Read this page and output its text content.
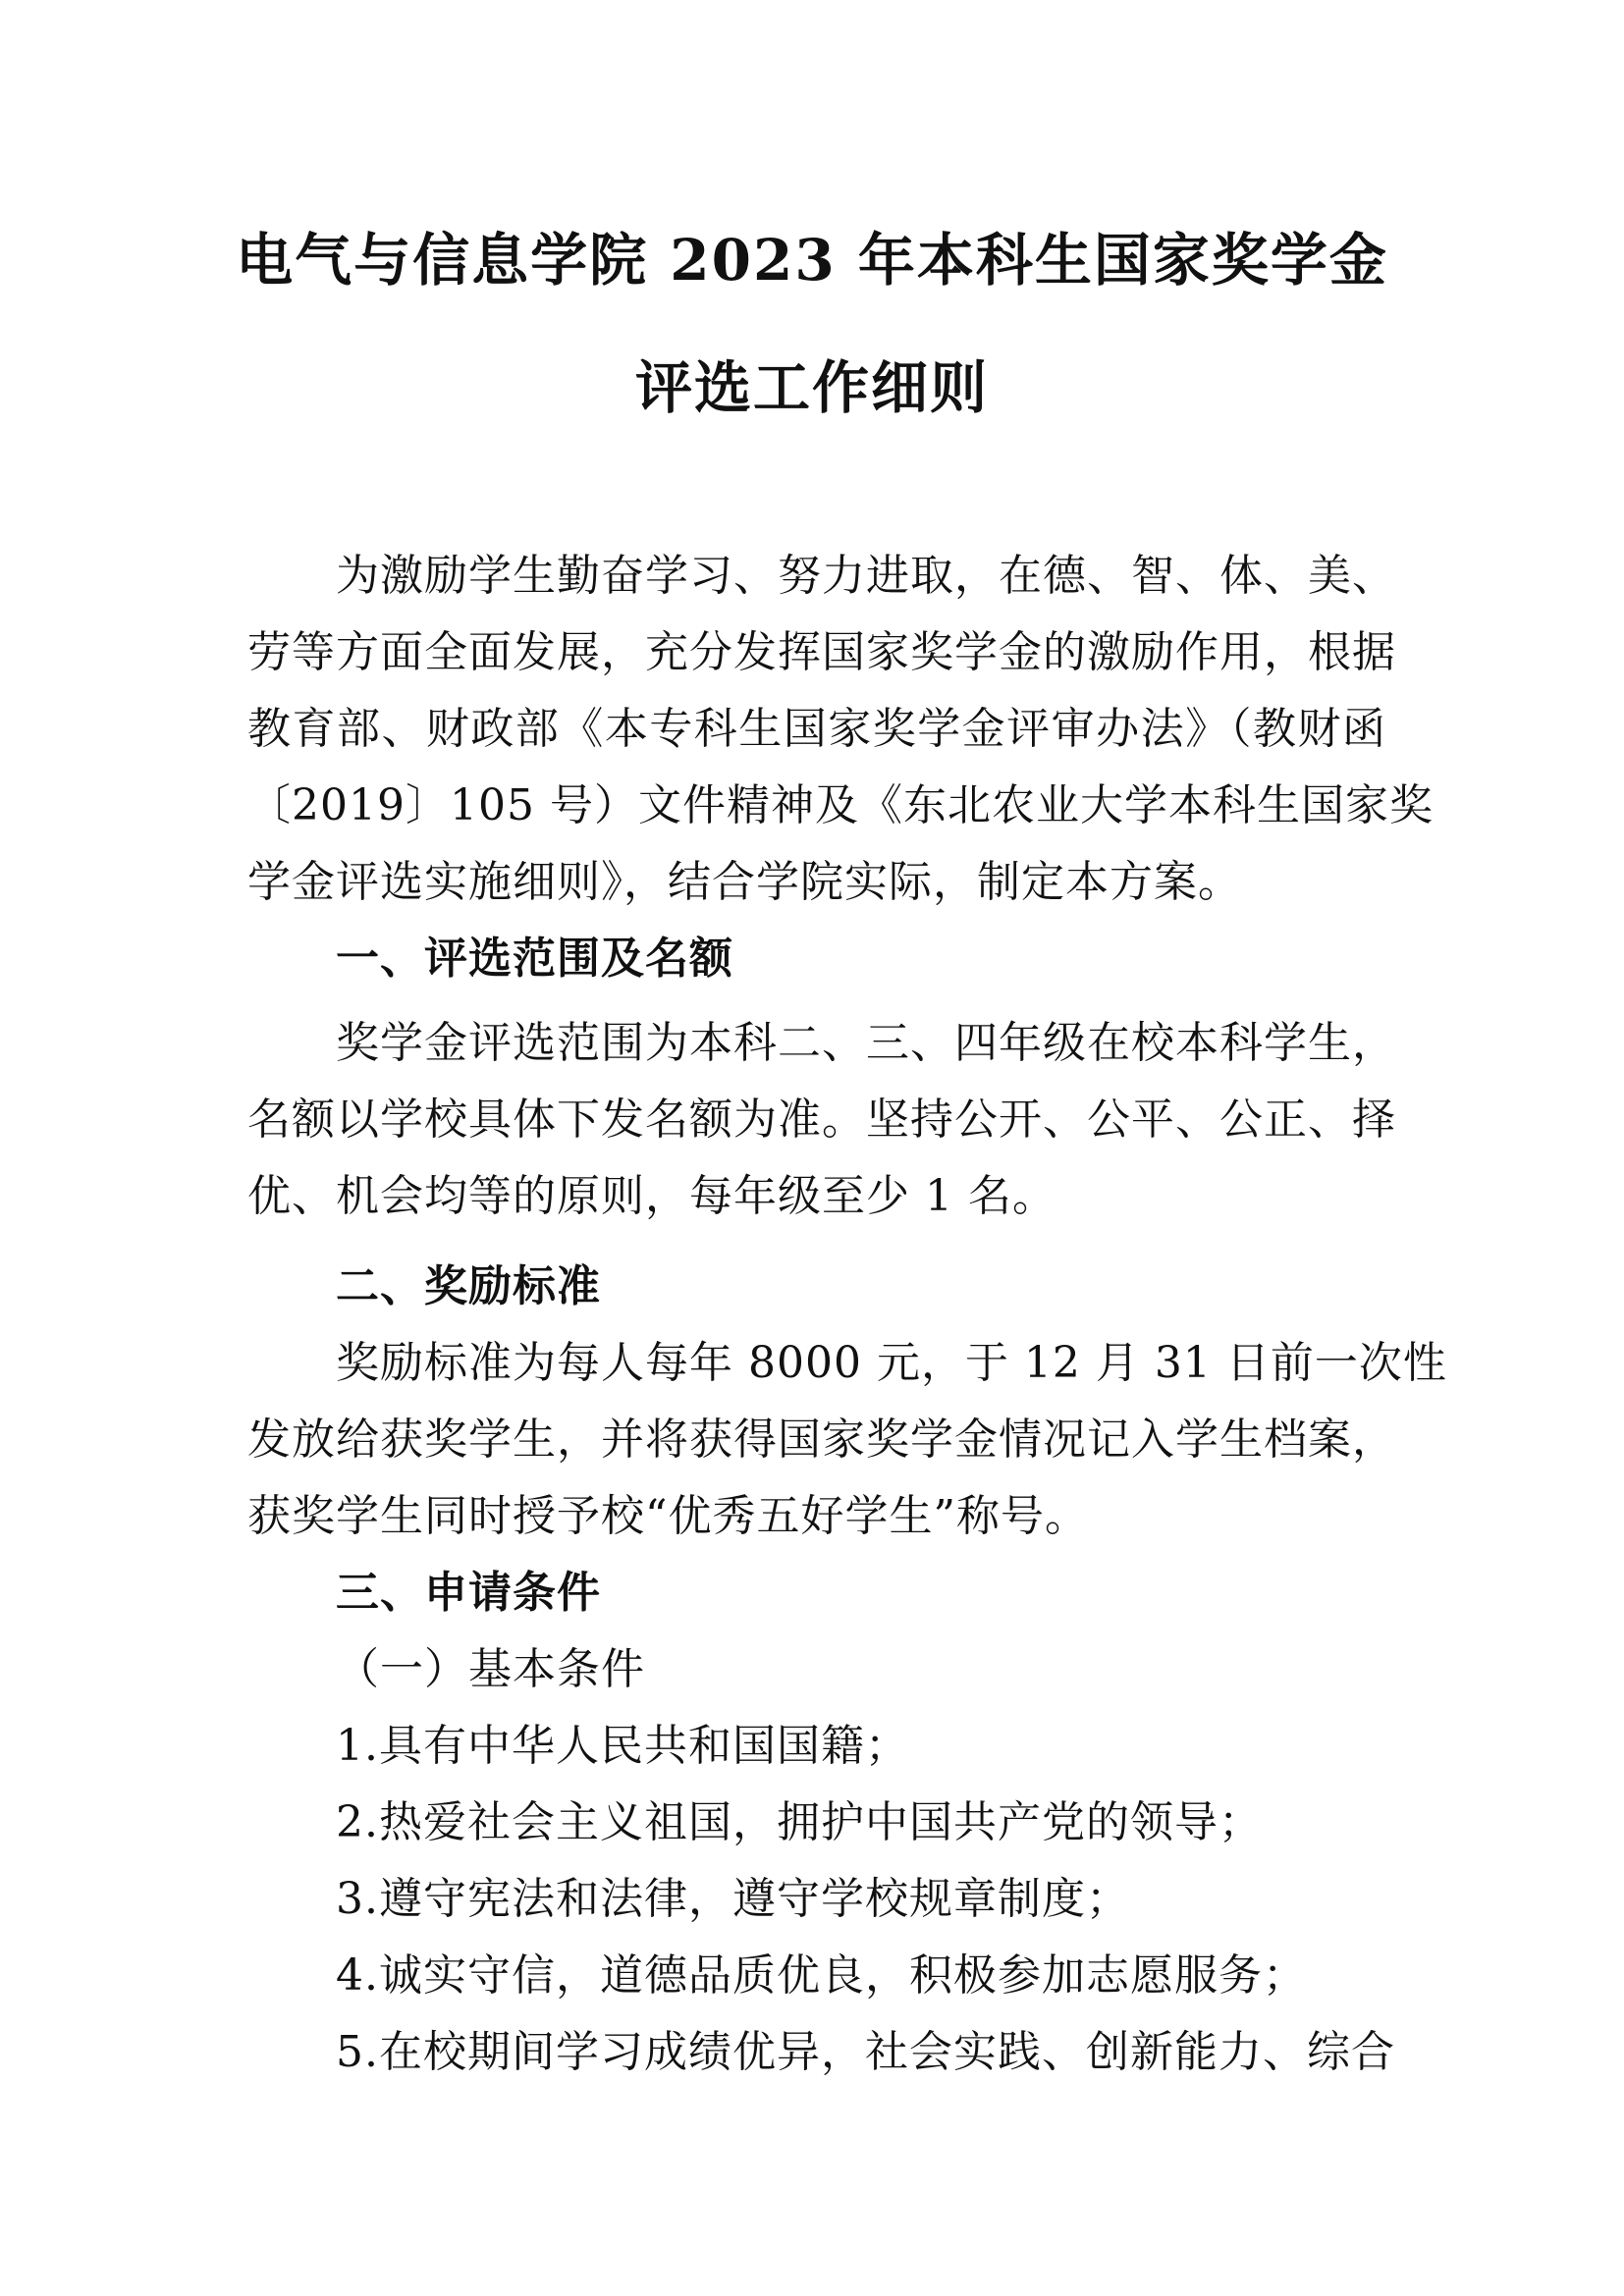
电气与信息学院 2023 年本科生国家奖学金
评选工作细则
为激励学生勤奋学习、努力进取，在德、智、体、美、
劳等方面全面发展，充分发挥国家奖学金的激励作用，根据
教育部、财政部《本专科生国家奖学金评审办法》（教财函
〔2019〕105 号）文件精神及《东北农业大学本科生国家奖
学金评选实施细则》，结合学院实际，制定本方案。
一、评选范围及名额
奖学金评选范围为本科二、三、四年级在校本科学生，
名额以学校具体下发名额为准。坚持公开、公平、公正、择
优、机会均等的原则，每年级至少 1 名。
二、奖励标准
奖励标准为每人每年 8000 元，于 12 月 31 日前一次性
发放给获奖学生，并将获得国家奖学金情况记入学生档案，
获奖学生同时授予校“优秀五好学生”称号。
三、申请条件
（一）基本条件
1.具有中华人民共和国国籍；
2.热爱社会主义祖国，拥护中国共产党的领导；
3.遵守宪法和法律，遵守学校规章制度；
4.诚实守信，道德品质优良，积极参加志愿服务；
5.在校期间学习成绩优异，社会实践、创新能力、综合
